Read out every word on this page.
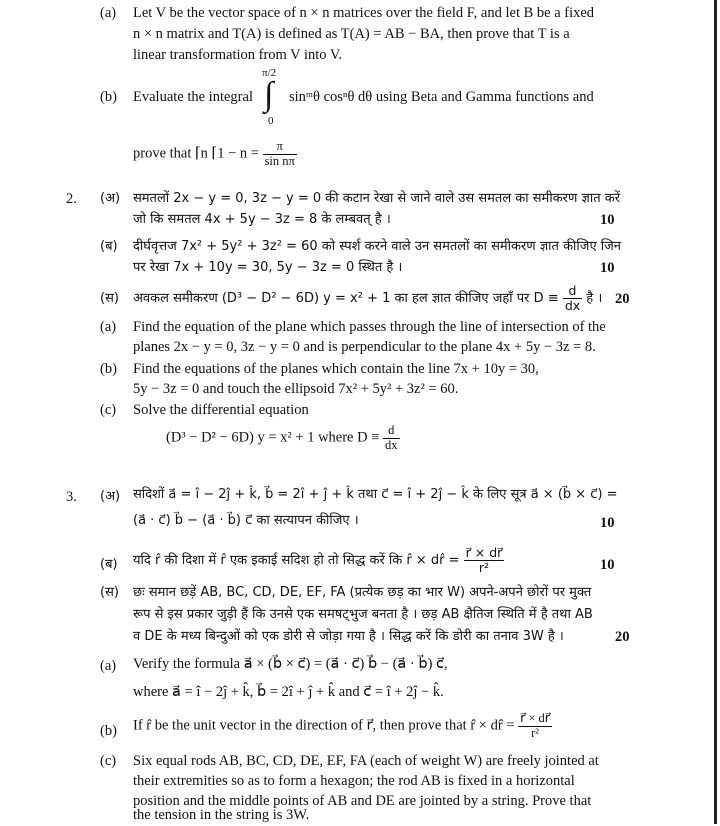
(a) Let V be the vector space of n × n matrices over the field F, and let B be a fixed
n × n matrix and T(A) is defined as T(A) = AB − BA, then prove that T is a
linear transformation from V into V.
(b) Evaluate the integral
π/2
∫
0
sinᵐθ cosⁿθ dθ using Beta and Gamma functions and
prove that ⌈n ⌈1 − $n = \frac{\pi}{\text{sin nπ}}$
2. (अ) समतलों 2x − y = 0, 3z − y = 0 की कटान रेखा से जाने वाले उस समतल का समीकरण ज्ञात करें
जो कि समतल 4x + 5y − 3z = 8 के लम्बवत् है ।	10
(ब) दीर्घवृत्तज 7x² + 5y² + 3z² = 60 को स्पर्श करने वाले उन समतलों का समीकरण ज्ञात कीजिए जिन
पर रेखा 7x + 10y = 30, 5y − 3z = 0 स्थित है ।	10
(स) अवकल समीकरण (D³ − D² − 6D) y = x² + 1 का हल ज्ञात कीजिए जहाँ पर $D \equiv \frac{d}{dx}$ है । 20
(a) Find the equation of the plane which passes through the line of intersection of the
planes 2x − y = 0, 3z − y = 0 and is perpendicular to the plane 4x + 5y − 3z = 8.
(b) Find the equations of the planes which contain the line 7x + 10y = 30,
5y − 3z = 0 and touch the ellipsoid 7x² + 5y² + 3z² = 60.
(c) Solve the differential equation
(D³ − D² − 6D) y = x² + 1 where $D \equiv \frac{d}{dx}$
3. (अ) सदिशों a⃗ = î − 2ĵ + k̂, b⃗ = 2î + ĵ + k̂ तथा c⃗ = î + 2ĵ − k̂ के लिए सूत्र a⃗ × (b⃗ × c⃗) =
(a⃗ · c⃗) b⃗ − (a⃗ · b⃗) c⃗ का सत्यापन कीजिए ।	10
(ब) यदि r̂ की दिशा में r̂ एक इकाई सदिश हो तो सिद्ध करें कि r̂ × dr̂ = $\frac{r⃗ \times dr⃗}{\text{r²}}$	10
(स) छः समान छड़ें AB, BC, CD, DE, EF, FA (प्रत्येक छड़ का भार W) अपने-अपने छोरों पर मुक्त
रूप से इस प्रकार जुड़ी हैं कि उनसे एक समषट्भुज बनता है । छड़ AB क्षैतिज स्थिति में है तथा AB
व DE के मध्य बिन्दुओं को एक डोरी से जोड़ा गया है । सिद्ध करें कि डोरी का तनाव 3W है ।	20
(a) Verify the formula a⃗ × (b⃗ × c⃗) = (a⃗ · c⃗) b⃗ − (a⃗ · b⃗) c⃗,
where a⃗ = î − 2ĵ + k̂, b⃗ = 2î + ĵ + k̂ and c⃗ = î + 2ĵ − k̂.
(b) If r̂ be the unit vector in the direction of r⃗, then prove that r̂ × dr̂ = $\frac{r⃗ \times dr⃗}{\text{r²}}$
(c) Six equal rods AB, BC, CD, DE, EF, FA (each of weight W) are freely jointed at
their extremities so as to form a hexagon; the rod AB is fixed in a horizontal
position and the middle points of AB and DE are jointed by a string. Prove that
the tension in the string is 3W.
